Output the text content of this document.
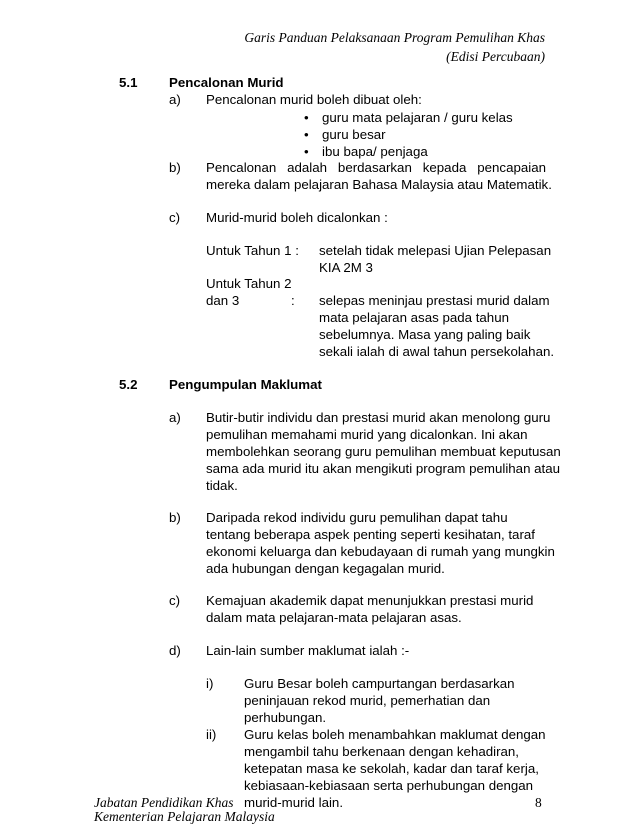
Garis Panduan Pelaksanaan Program Pemulihan Khas
(Edisi Percubaan)
5.1 Pencalonan Murid
a) Pencalonan murid boleh dibuat oleh:
• guru mata pelajaran / guru kelas
• guru besar
• ibu bapa/ penjaga
b) Pencalonan adalah berdasarkan kepada pencapaian
mereka dalam pelajaran Bahasa Malaysia atau Matematik.
c) Murid-murid boleh dicalonkan :
Untuk Tahun 1 : setelah tidak melepasi Ujian Pelepasan
KIA 2M 3
Untuk Tahun 2
dan 3	: selepas meninjau prestasi murid dalam
mata pelajaran asas pada tahun
sebelumnya. Masa yang paling baik
sekali ialah di awal tahun persekolahan.
5.2 Pengumpulan Maklumat
a) Butir-butir individu dan prestasi murid akan menolong guru
pemulihan memahami murid yang dicalonkan. Ini akan
membolehkan seorang guru pemulihan membuat keputusan
sama ada murid itu akan mengikuti program pemulihan atau
tidak.
b) Daripada rekod individu guru pemulihan dapat tahu
tentang beberapa aspek penting seperti kesihatan, taraf
ekonomi keluarga dan kebudayaan di rumah yang mungkin
ada hubungan dengan kegagalan murid.
c) Kemajuan akademik dapat menunjukkan prestasi murid
dalam mata pelajaran-mata pelajaran asas.
d) Lain-lain sumber maklumat ialah :-
i) Guru Besar boleh campurtangan berdasarkan
peninjauan rekod murid, pemerhatian dan
perhubungan.
ii) Guru kelas boleh menambahkan maklumat dengan
mengambil tahu berkenaan dengan kehadiran,
ketepatan masa ke sekolah, kadar dan taraf kerja,
kebiasaan-kebiasaan serta perhubungan dengan
murid-murid lain.
Jabatan Pendidikan Khas
Kementerian Pelajaran Malaysia
8
